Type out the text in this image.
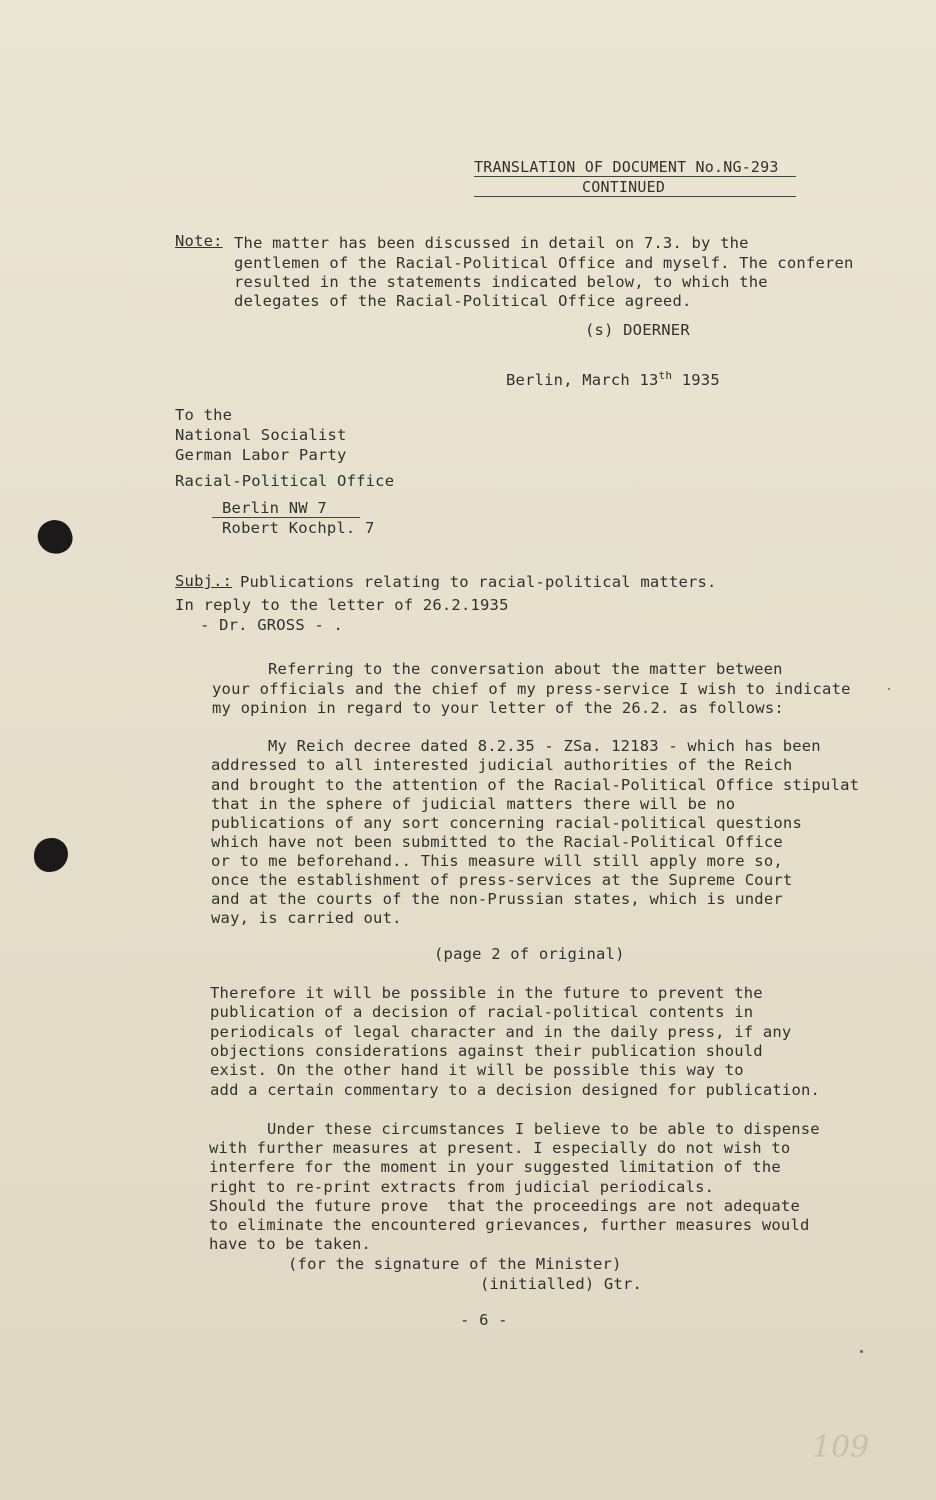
TRANSLATION OF DOCUMENT No.NG-293
CONTINUED
Note: The matter has been discussed in detail on 7.3. by the
gentlemen of the Racial-Political Office and myself. The conferen
resulted in the statements indicated below, to which the
delegates of the Racial-Political Office agreed.
(s) DOERNER
Berlin, March 13th 1935
To the
National Socialist
German Labor Party
Racial-Political Office
Berlin NW 7
Robert Kochpl. 7
Subj.: Publications relating to racial-political matters.
In reply to the letter of 26.2.1935
- Dr. GROSS - .
Referring to the conversation about the matter between
your officials and the chief of my press-service I wish to indicate
my opinion in regard to your letter of the 26.2. as follows:
My Reich decree dated 8.2.35 - ZSa. 12183 - which has been
addressed to all interested judicial authorities of the Reich
and brought to the attention of the Racial-Political Office stipulat
that in the sphere of judicial matters there will be no
publications of any sort concerning racial-political questions
which have not been submitted to the Racial-Political Office
or to me beforehand.. This measure will still apply more so,
once the establishment of press-services at the Supreme Court
and at the courts of the non-Prussian states, which is under
way, is carried out.
(page 2 of original)
Therefore it will be possible in the future to prevent the
publication of a decision of racial-political contents in
periodicals of legal character and in the daily press, if any
objections considerations against their publication should
exist. On the other hand it will be possible this way to
add a certain commentary to a decision designed for publication.
Under these circumstances I believe to be able to dispense
with further measures at present. I especially do not wish to
interfere for the moment in your suggested limitation of the
right to re-print extracts from judicial periodicals.
Should the future prove  that the proceedings are not adequate
to eliminate the encountered grievances, further measures would
have to be taken.
(for the signature of the Minister)
(initialled) Gtr.
- 6 -
109
